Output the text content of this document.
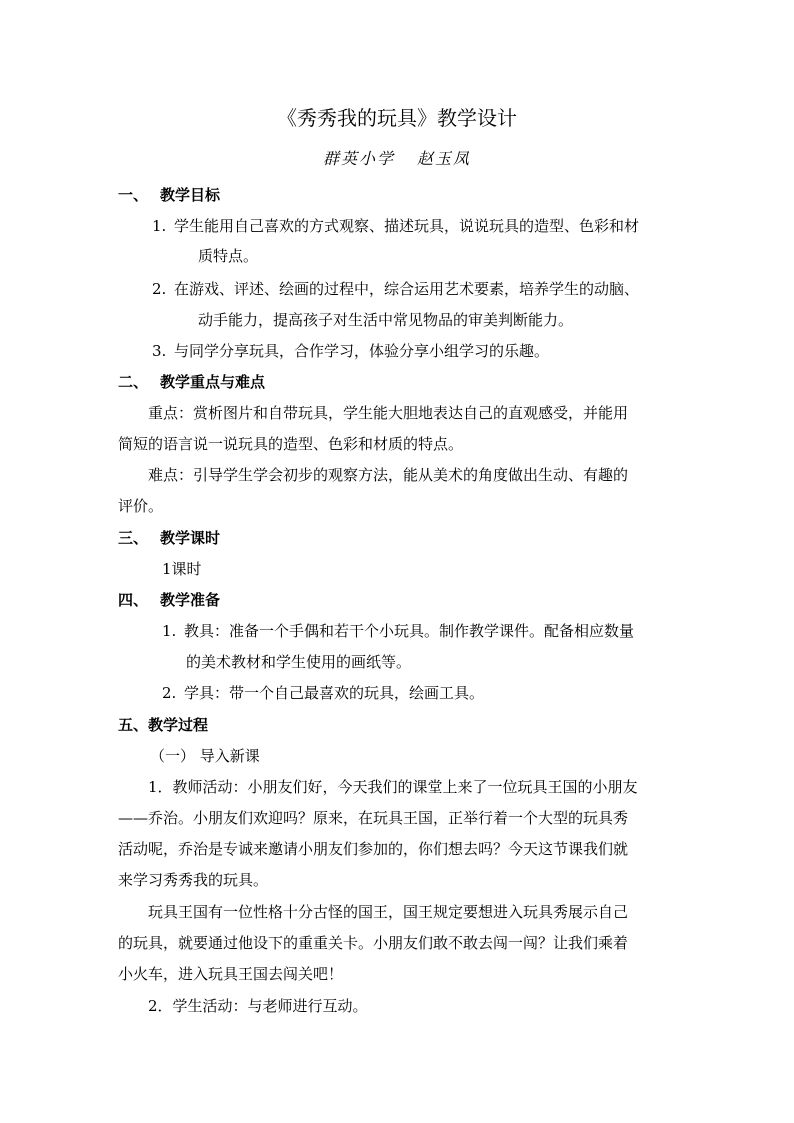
《秀秀我的玩具》教学设计
群英小学 赵玉凤
一、 教学目标
1. 学生能用自己喜欢的方式观察、描述玩具，说说玩具的造型、色彩和材
质特点。
2. 在游戏、评述、绘画的过程中，综合运用艺术要素，培养学生的动脑、
动手能力，提高孩子对生活中常见物品的审美判断能力。
3. 与同学分享玩具，合作学习，体验分享小组学习的乐趣。
二、 教学重点与难点
重点：赏析图片和自带玩具，学生能大胆地表达自己的直观感受，并能用
简短的语言说一说玩具的造型、色彩和材质的特点。
难点：引导学生学会初步的观察方法，能从美术的角度做出生动、有趣的
评价。
三、 教学课时
1课时
四、 教学准备
1. 教具：准备一个手偶和若干个小玩具。制作教学课件。配备相应数量
的美术教材和学生使用的画纸等。
2. 学具：带一个自己最喜欢的玩具，绘画工具。
五、教学过程
（一） 导入新课
1．教师活动：小朋友们好，今天我们的课堂上来了一位玩具王国的小朋友
——乔治。小朋友们欢迎吗？原来，在玩具王国，正举行着一个大型的玩具秀
活动呢，乔治是专诚来邀请小朋友们参加的，你们想去吗？今天这节课我们就
来学习秀秀我的玩具。
玩具王国有一位性格十分古怪的国王，国王规定要想进入玩具秀展示自己
的玩具，就要通过他设下的重重关卡。小朋友们敢不敢去闯一闯？让我们乘着
小火车，进入玩具王国去闯关吧！
2．学生活动：与老师进行互动。
